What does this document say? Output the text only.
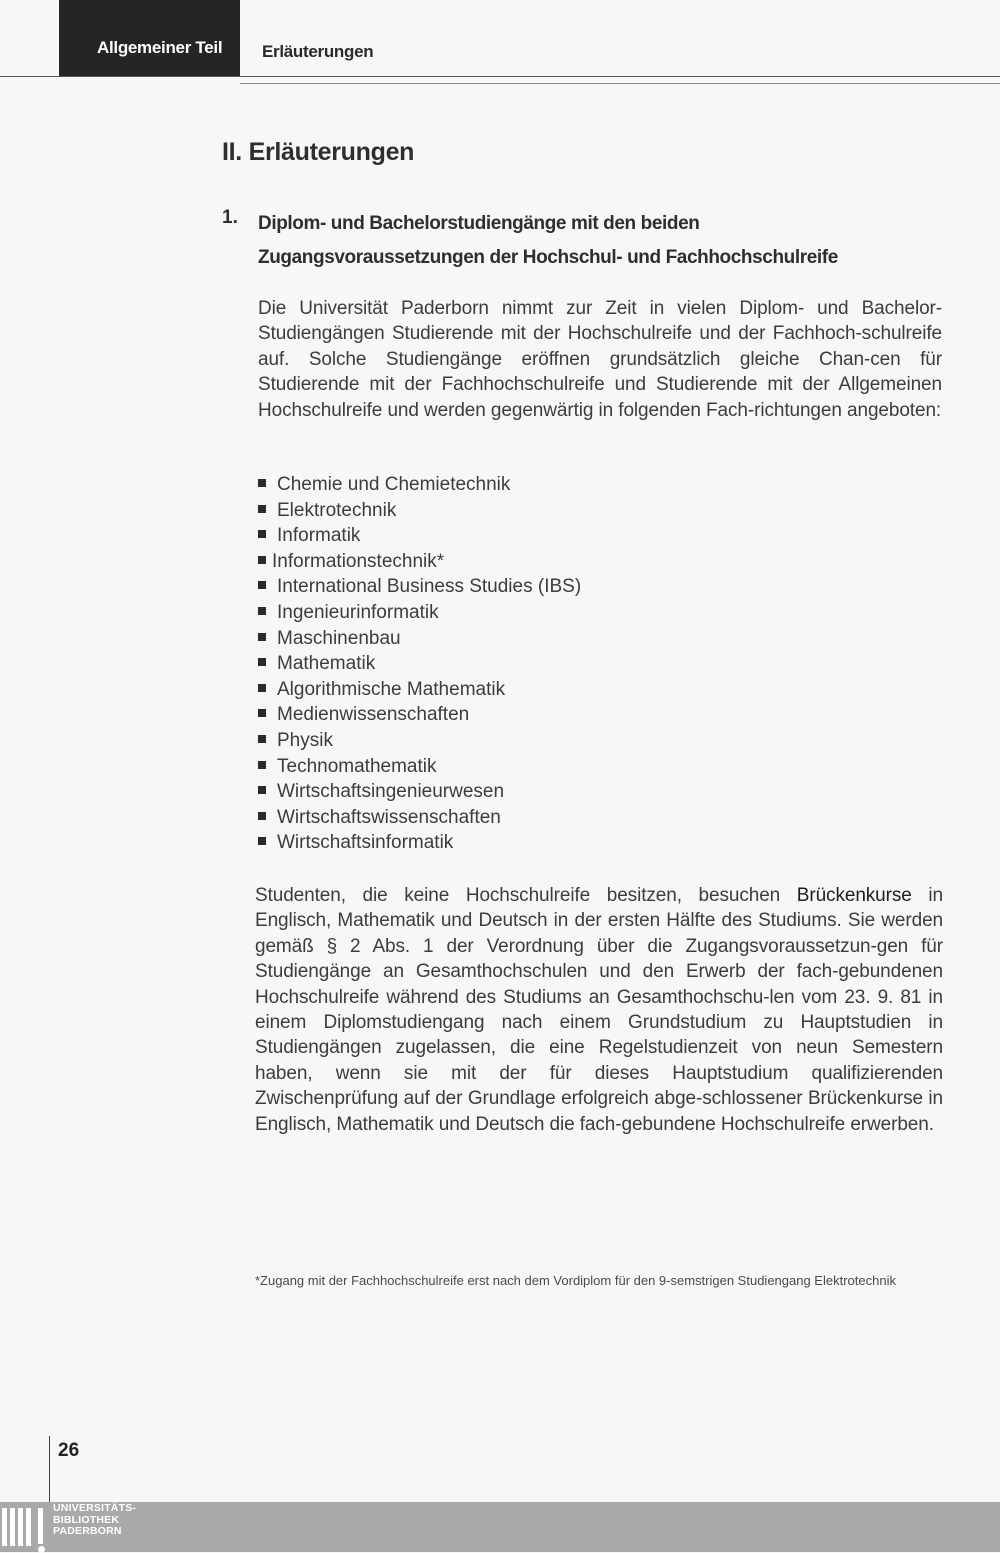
Allgemeiner Teil	Erläuterungen
II. Erläuterungen
1. Diplom- und Bachelorstudiengänge mit den beiden Zugangsvoraussetzungen der Hochschul- und Fachhochschulreife

Die Universität Paderborn nimmt zur Zeit in vielen Diplom- und Bachelor-Studiengängen Studierende mit der Hochschulreife und der Fachhoch-schulreife auf. Solche Studiengänge eröffnen grundsätzlich gleiche Chan-cen für Studierende mit der Fachhochschulreife und Studierende mit der Allgemeinen Hochschulreife und werden gegenwärtig in folgenden Fach-richtungen angeboten:

Chemie und Chemietechnik
Elektrotechnik
Informatik
Informationstechnik*
International Business Studies (IBS)
Ingenieurinformatik
Maschinenbau
Mathematik
Algorithmische Mathematik
Medienwissenschaften
Physik
Technomathematik
Wirtschaftsingenieurwesen
Wirtschaftswissenschaften
Wirtschaftsinformatik

Studenten, die keine Hochschulreife besitzen, besuchen Brückenkurse in Englisch, Mathematik und Deutsch in der ersten Hälfte des Studiums. Sie werden gemäß § 2 Abs. 1 der Verordnung über die Zugangsvoraussetzun-gen für Studiengänge an Gesamthochschulen und den Erwerb der fach-gebundenen Hochschulreife während des Studiums an Gesamthochschu-len vom 23. 9. 81 in einem Diplomstudiengang nach einem Grundstudium zu Hauptstudien in Studiengängen zugelassen, die eine Regelstudienzeit von neun Semestern haben, wenn sie mit der für dieses Hauptstudium qualifizierenden Zwischenprüfung auf der Grundlage erfolgreich abge-schlossener Brückenkurse in Englisch, Mathematik und Deutsch die fach-gebundene Hochschulreife erwerben.

*Zugang mit der Fachhochschulreife erst nach dem Vordiplom für den 9-semstrigen Studiengang Elektrotechnik

26
UNIVERSITÄTS-
BIBLIOTHEK
PADERBORN
